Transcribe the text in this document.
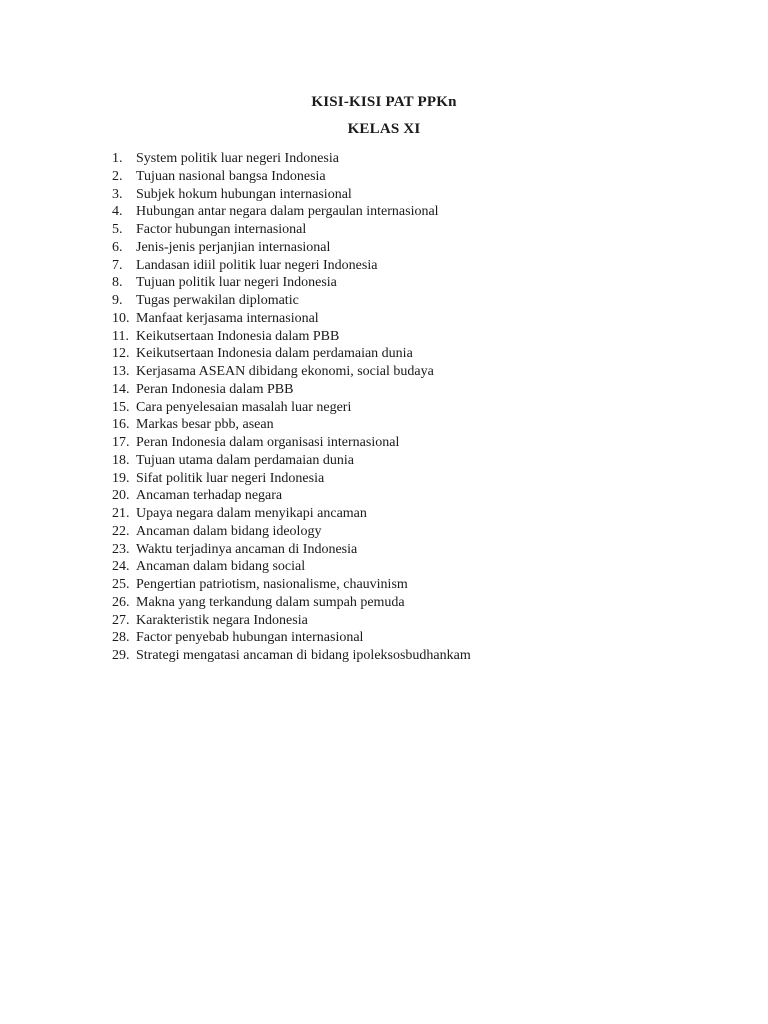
KISI-KISI PAT PPKn
KELAS XI
1. System politik luar negeri Indonesia
2. Tujuan nasional bangsa Indonesia
3. Subjek hokum hubungan internasional
4. Hubungan antar negara dalam pergaulan internasional
5. Factor hubungan internasional
6. Jenis-jenis perjanjian internasional
7. Landasan idiil politik luar negeri Indonesia
8. Tujuan politik luar negeri Indonesia
9. Tugas perwakilan diplomatic
10. Manfaat kerjasama internasional
11. Keikutsertaan Indonesia dalam PBB
12. Keikutsertaan Indonesia dalam perdamaian dunia
13. Kerjasama ASEAN dibidang ekonomi, social budaya
14. Peran Indonesia dalam PBB
15. Cara penyelesaian masalah luar negeri
16. Markas besar pbb, asean
17. Peran Indonesia dalam organisasi internasional
18. Tujuan utama dalam perdamaian dunia
19. Sifat politik luar negeri Indonesia
20. Ancaman terhadap negara
21. Upaya negara dalam menyikapi ancaman
22. Ancaman dalam bidang ideology
23. Waktu terjadinya ancaman di Indonesia
24. Ancaman dalam bidang social
25. Pengertian patriotism, nasionalisme, chauvinism
26. Makna yang terkandung dalam sumpah pemuda
27. Karakteristik negara Indonesia
28. Factor penyebab hubungan internasional
29. Strategi mengatasi ancaman di bidang ipoleksosbudhankam
